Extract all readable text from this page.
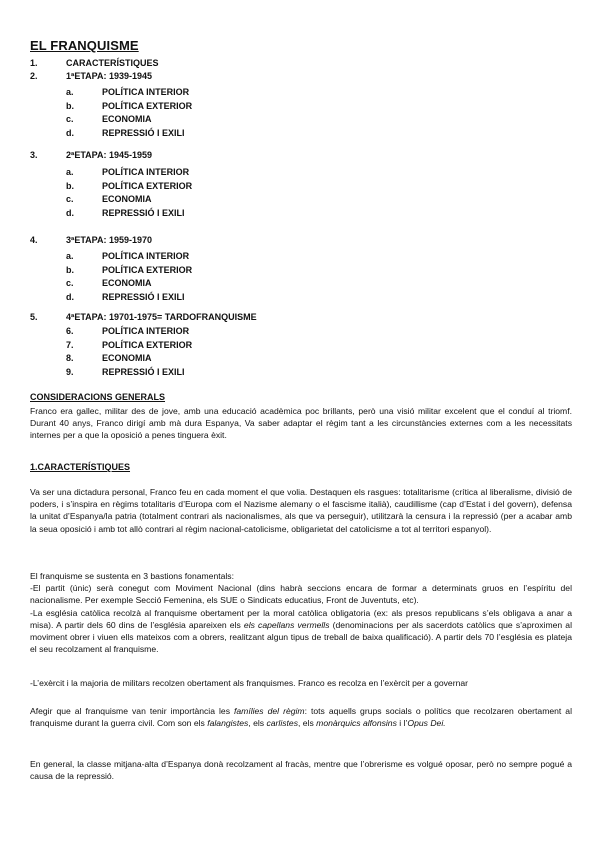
EL FRANQUISME
1.	CARACTERÍSTIQUES
2.	1ªETAPA: 1939-1945
a.	POLÍTICA INTERIOR
b.	POLÍTICA EXTERIOR
c.	ECONOMIA
d.	REPRESSIÓ I EXILI
3.	2ªETAPA: 1945-1959
a.	POLÍTICA INTERIOR
b.	POLÍTICA EXTERIOR
c.	ECONOMIA
d.	REPRESSIÓ I EXILI
4.	3ªETAPA: 1959-1970
a.	POLÍTICA INTERIOR
b.	POLÍTICA EXTERIOR
c.	ECONOMIA
d.	REPRESSIÓ I EXILI
5.	4ªETAPA: 19701-1975= TARDOFRANQUISME
6.	POLÍTICA INTERIOR
7.	POLÍTICA EXTERIOR
8.	ECONOMIA
9.	REPRESSIÓ I EXILI
CONSIDERACIONS GENERALS

Franco era gallec, militar des de jove, amb una educació acadèmica poc brillants, però una visió militar excelent que el conduí al triomf. Durant 40 anys, Franco dirigí amb mà dura Espanya, Va saber adaptar el règim tant a les circunstàncies externes com a les necessitats internes per a que la oposició a penes tinguera èxit.

1.CARACTERÍSTIQUES

Va ser una dictadura personal, Franco feu en cada moment el que volia. Destaquen els rasgues: totalitarisme (crítica al liberalisme, divisió de poders, i s’inspira en règims totalitaris d’Europa com el Nazisme alemany o el fascisme italià), caudillisme (cap d’Estat i del govern), defensa la unitat d’Espanya/la patria (totalment contrari als nacionalismes, als que va perseguir), utilitzarà la censura i la repressió (per a acabar amb la seua oposició i amb tot allò contrari al règim nacional-catolicisme, obligarietat del catolicisme a tot al territori espanyol).

El franquisme se sustenta en 3 bastions fonamentals:

-El partit (únic) serà conegut com Moviment Nacional (dins habrà seccions encara de formar a determinats gruos en l’espíritu del nacionalisme. Per exemple Secció Femenina, els SUE o Sindicats educatius, Front de Juventuts, etc).

-La església catòlica recolzà al franquisme obertament per la moral catòlica obligatoria (ex: als presos republicans s’els obligava a anar a misa). A partir dels 60 dins de l’església apareixen els els capellans vermells (denominacions per als sacerdots catòlics que s’aproximen al moviment obrer i viuen ells mateixos com a obrers, realitzant algun tipus de treball de baixa qualificació). A partir dels 70 l’església es plateja el seu recolzament al franquisme.

-L’exèrcit i la majoria de militars recolzen obertament als franquismes. Franco es recolza en l’exèrcit per a governar

Afegir que al franquisme van tenir importància les famílies del règim: tots aquells grups socials o polítics que recolzaren obertament al franquisme durant la guerra civil. Com son els falangistes, els carlistes, els monàrquics alfonsins i l’Opus Dei.

En general, la classe mitjana-alta d’Espanya donà recolzament al fracàs, mentre que l’obrerisme es volgué oposar, però no sempre pogué a causa de la repressió.
